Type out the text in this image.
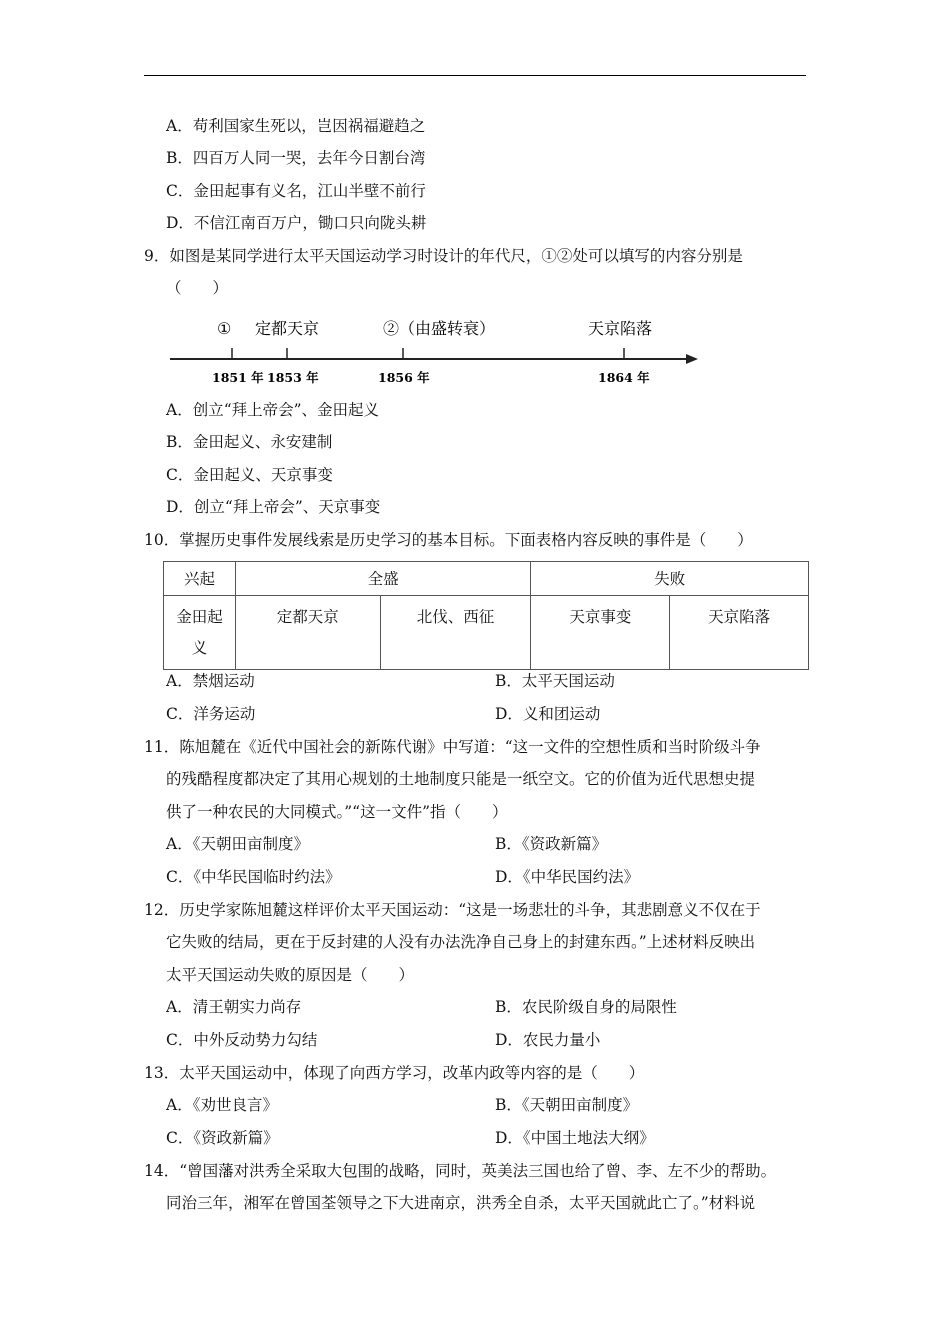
A．苟利国家生死以，岂因祸福避趋之
B．四百万人同一哭，去年今日割台湾
C．金田起事有义名，江山半壁不前行
D．不信江南百万户，锄口只向陇头耕
9．如图是某同学进行太平天国运动学习时设计的年代尺，①②处可以填写的内容分别是
（　　）
① 定都天京	②（由盛转衰）	天京陷落
1851 年 1853 年	1856 年	1864 年
A．创立“拜上帝会”、金田起义
B．金田起义、永安建制
C．金田起义、天京事变
D．创立“拜上帝会”、天京事变
10．掌握历史事件发展线索是历史学习的基本目标。下面表格内容反映的事件是（　　）
兴起	全盛		失败	
金田起
义	定都天京	北伐、西征	天京事变	天京陷落
A．禁烟运动	B．太平天国运动
C．洋务运动	D．义和团运动
11．陈旭麓在《近代中国社会的新陈代谢》中写道：“这一文件的空想性质和当时阶级斗争
的残酷程度都决定了其用心规划的土地制度只能是一纸空文。它的价值为近代思想史提
供了一种农民的大同模式。”“这一文件”指（　　）
A．《天朝田亩制度》	B．《资政新篇》
C．《中华民国临时约法》	D．《中华民国约法》
12．历史学家陈旭麓这样评价太平天国运动：“这是一场悲壮的斗争，其悲剧意义不仅在于
它失败的结局，更在于反封建的人没有办法洗净自己身上的封建东西。”上述材料反映出
太平天国运动失败的原因是（　　）
A．清王朝实力尚存	B．农民阶级自身的局限性
C．中外反动势力勾结	D．农民力量小
13．太平天国运动中，体现了向西方学习，改革内政等内容的是（　　）
A．《劝世良言》	B．《天朝田亩制度》
C．《资政新篇》	D．《中国土地法大纲》
14．“曾国藩对洪秀全采取大包围的战略，同时，英美法三国也给了曾、李、左不少的帮助。
同治三年，湘军在曾国荃领导之下大进南京，洪秀全自杀，太平天国就此亡了。”材料说
